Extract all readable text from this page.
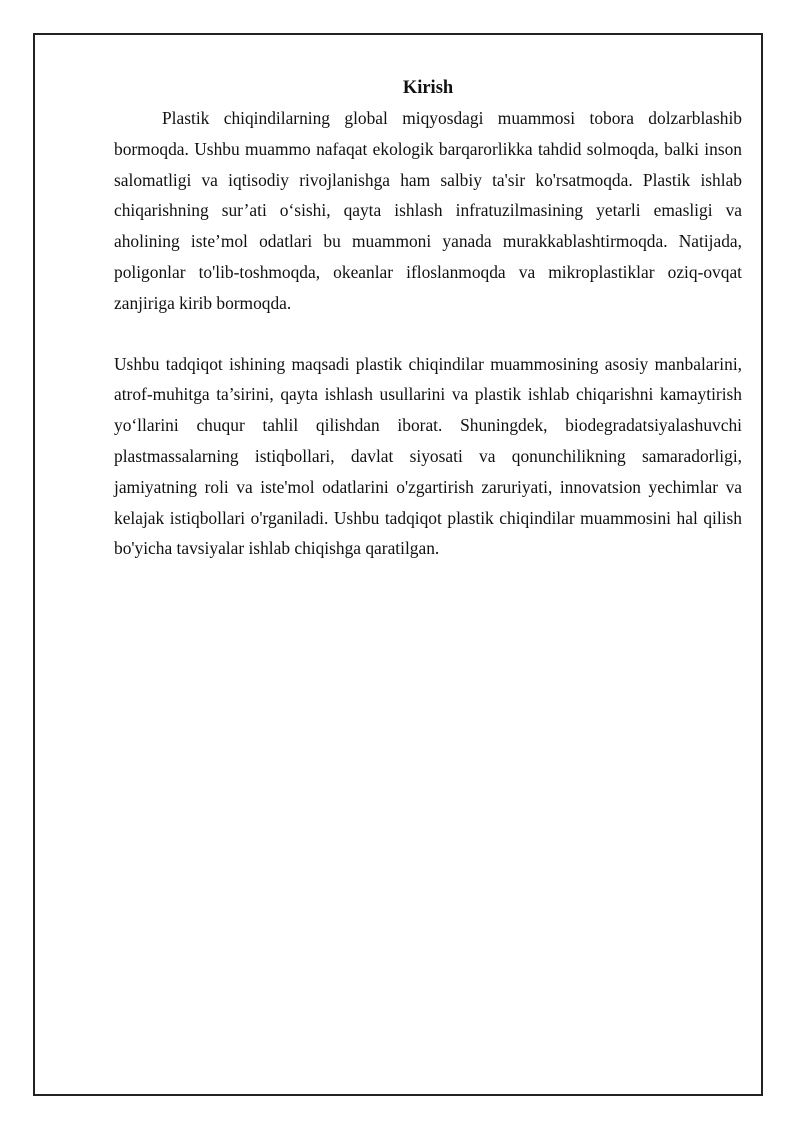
Kirish

Plastik chiqindilarning global miqyosdagi muammosi tobora dolzarblashib bormoqda. Ushbu muammo nafaqat ekologik barqarorlikka tahdid solmoqda, balki inson salomatligi va iqtisodiy rivojlanishga ham salbiy ta'sir ko'rsatmoqda. Plastik ishlab chiqarishning sur’ati o‘sishi, qayta ishlash infratuzilmasining yetarli emasligi va aholining iste’mol odatlari bu muammoni yanada murakkablashtirmoqda. Natijada, poligonlar to'lib-toshmoqda, okeanlar ifloslanmoqda va mikroplastiklar oziq-ovqat zanjiriga kirib bormoqda.

Ushbu tadqiqot ishining maqsadi plastik chiqindilar muammosining asosiy manbalarini, atrof-muhitga ta’sirini, qayta ishlash usullarini va plastik ishlab chiqarishni kamaytirish yo‘llarini chuqur tahlil qilishdan iborat. Shuningdek, biodegradatsiyalashuvchi plastmassalarning istiqbollari, davlat siyosati va qonunchilikning samaradorligi, jamiyatning roli va iste'mol odatlarini o'zgartirish zaruriyati, innovatsion yechimlar va kelajak istiqbollari o'rganiladi. Ushbu tadqiqot plastik chiqindilar muammosini hal qilish bo'yicha tavsiyalar ishlab chiqishga qaratilgan.
